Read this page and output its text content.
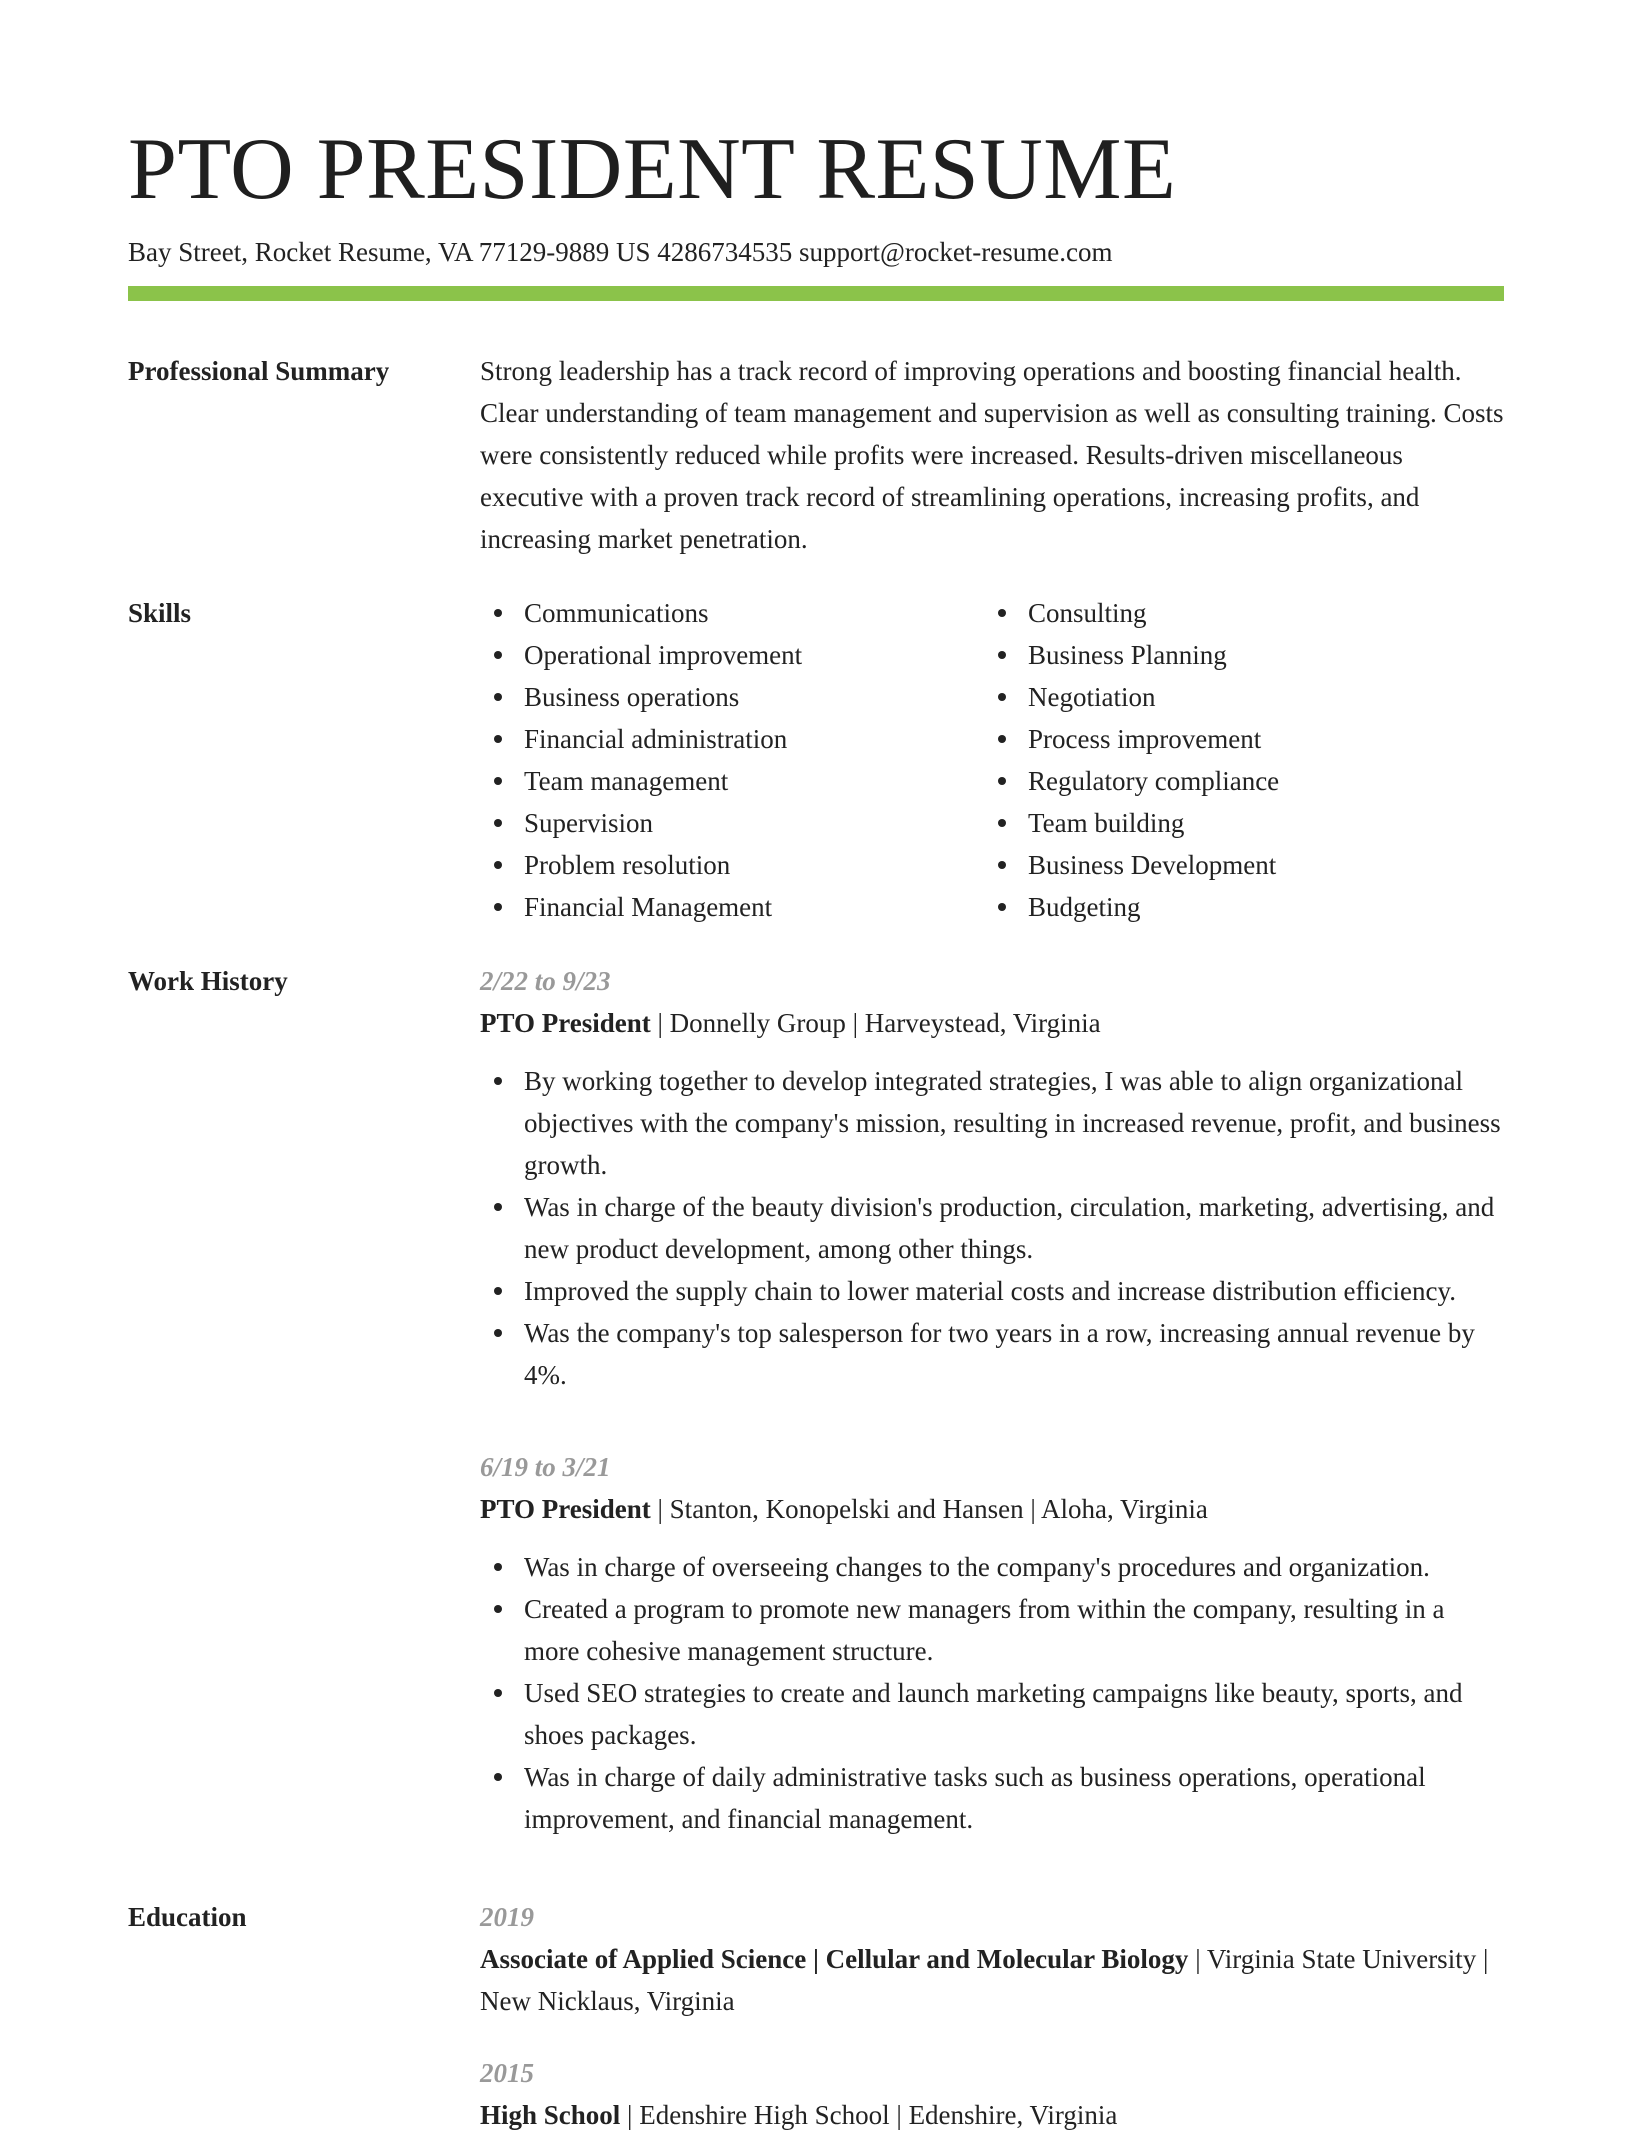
PTO PRESIDENT RESUME
Bay Street, Rocket Resume, VA 77129-9889 US 4286734535 support@rocket-resume.com
Professional Summary	Strong leadership has a track record of improving operations and boosting financial health. Clear understanding of team management and supervision as well as consulting training. Costs were consistently reduced while profits were increased. Results-driven miscellaneous executive with a proven track record of streamlining operations, increasing profits, and increasing market penetration.

Skills	Communications
Operational improvement
Business operations
Financial administration
Team management
Supervision
Problem resolution
Financial Management
Consulting
Business Planning
Negotiation
Process improvement
Regulatory compliance
Team building
Business Development
Budgeting
Work History	2/22 to 9/23
PTO President | Donnelly Group | Harveystead, Virginia
By working together to develop integrated strategies, I was able to align organizational objectives with the company's mission, resulting in increased revenue, profit, and business growth.
Was in charge of the beauty division's production, circulation, marketing, advertising, and new product development, among other things.
Improved the supply chain to lower material costs and increase distribution efficiency.
Was the company's top salesperson for two years in a row, increasing annual revenue by 4%.
6/19 to 3/21
PTO President | Stanton, Konopelski and Hansen | Aloha, Virginia
Was in charge of overseeing changes to the company's procedures and organization.
Created a program to promote new managers from within the company, resulting in a more cohesive management structure.
Used SEO strategies to create and launch marketing campaigns like beauty, sports, and shoes packages.
Was in charge of daily administrative tasks such as business operations, operational improvement, and financial management.
Education	2019
Associate of Applied Science | Cellular and Molecular Biology | Virginia State University | New Nicklaus, Virginia
2015
High School | Edenshire High School | Edenshire, Virginia
